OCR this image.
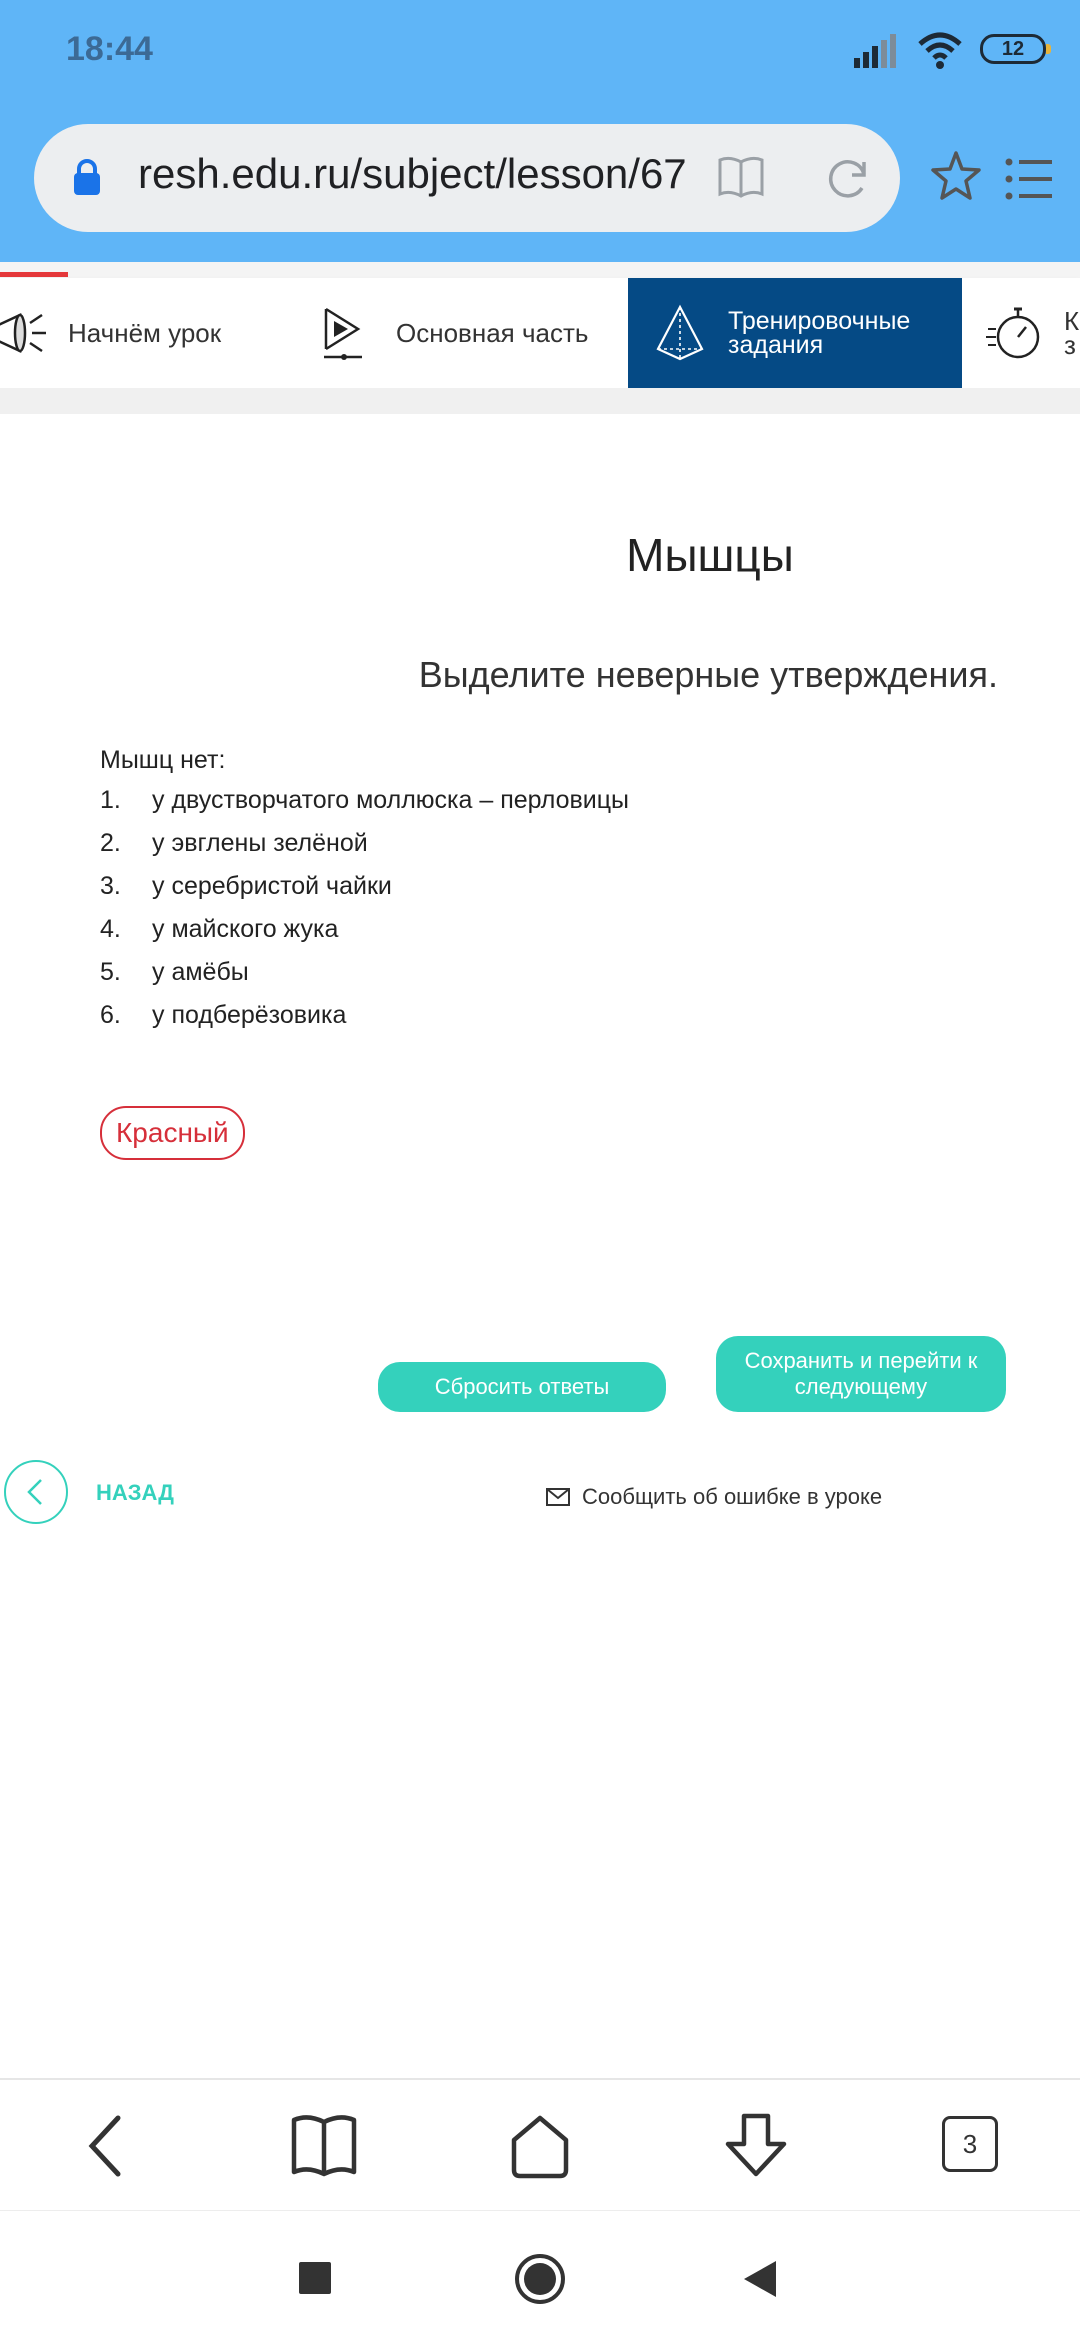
18:44	12
resh.edu.ru/subject/lesson/67
Начнём урок	Основная часть	Тренировочные
задания
К
з
Мышцы
Выделите неверные утверждения.
Мышц нет:
1.	у двустворчатого моллюска – перловицы
2.	у эвглены зелёной
3.	у серебристой чайки
4.	у майского жука
5.	у амёбы
6.	у подберёзовика
Красный
Сбросить ответы
Сохранить и перейти к следующему
НАЗАД	Сообщить об ошибке в уроке
3
